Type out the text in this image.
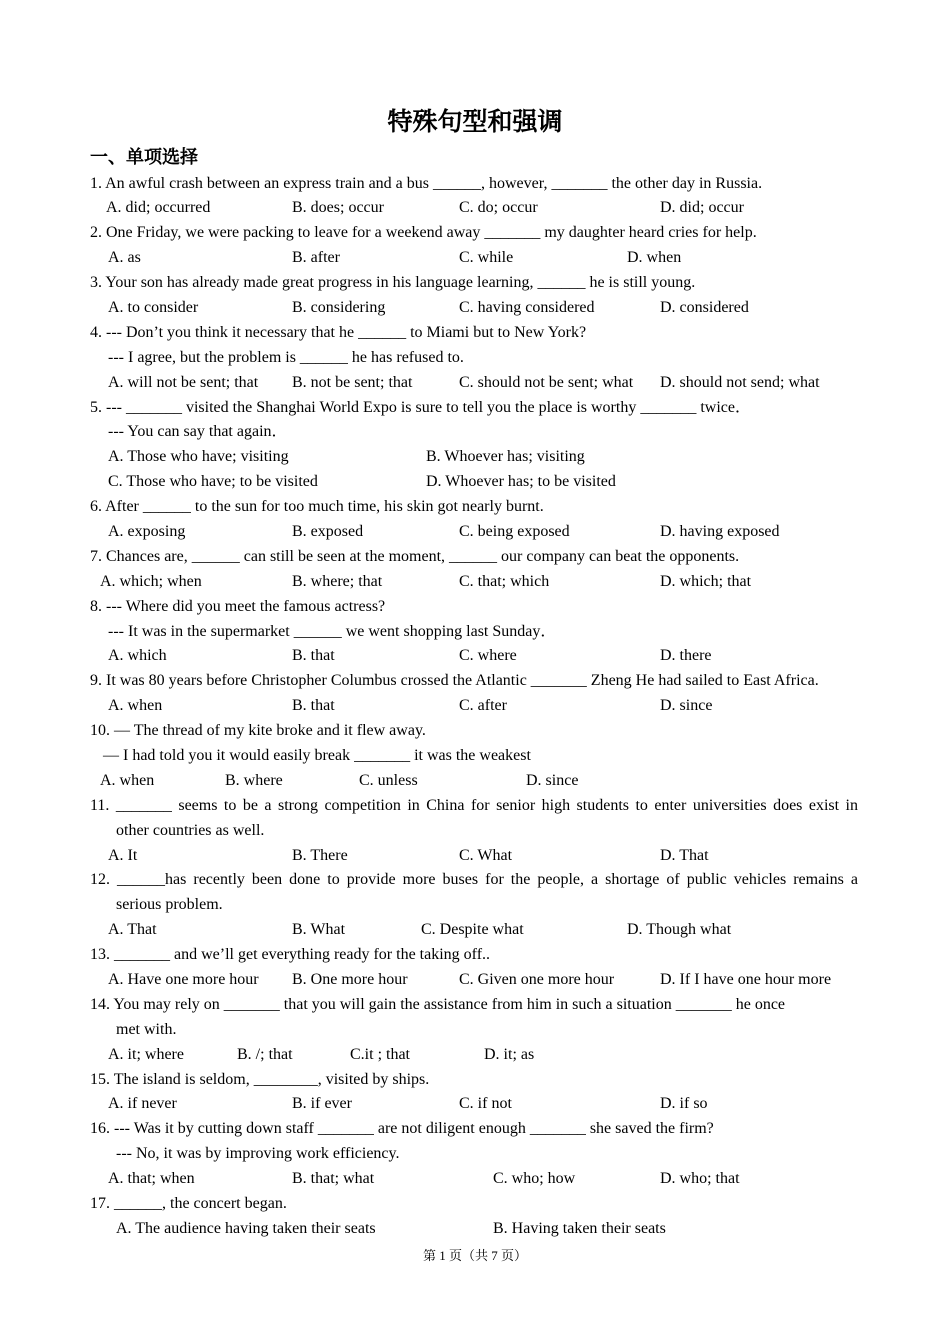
特殊句型和强调
一、单项选择
1. An awful crash between an express train and a bus ______, however, _______ the other day in Russia.
A. did; occurred	B. does; occur	C. do; occur	D. did; occur
2. One Friday, we were packing to leave for a weekend away _______ my daughter heard cries for help.
A. as	B. after	C. while	D. when
3. Your son has already made great progress in his language learning, ______ he is still young.
A. to consider	B. considering	C. having considered	D. considered
4. --- Don’t you think it necessary that he ______ to Miami but to New York?
--- I agree, but the problem is ______ he has refused to.
A. will not be sent; that B. not be sent; that	C. should not be sent; what D. should not send; what
5. --- _______ visited the Shanghai World Expo is sure to tell you the place is worthy _______ twice．
--- You can say that again．
A. Those who have; visiting	B. Whoever has; visiting
C. Those who have; to be visited	D. Whoever has; to be visited
6. After ______ to the sun for too much time, his skin got nearly burnt.
A. exposing	B. exposed	C. being exposed	D. having exposed
7. Chances are, ______ can still be seen at the moment, ______ our company can beat the opponents.
A. which; when	B. where; that	C. that; which	D. which; that
8. --- Where did you meet the famous actress?
--- It was in the supermarket ______ we went shopping last Sunday．
A. which	B. that	C. where	D. there
9. It was 80 years before Christopher Columbus crossed the Atlantic _______ Zheng He had sailed to East Africa.
A. when	B. that	C. after	D. since
10. — The thread of my kite broke and it flew away.
— I had told you it would easily break _______ it was the weakest
A. when	B. where	C. unless	D. since
11. _______ seems to be a strong competition in China for senior high students to enter universities does exist in
other countries as well.
A. It	B. There	C. What	D. That
12. ______has recently been done to provide more buses for the people, a shortage of public vehicles remains a
serious problem.
A. That	B. What	C. Despite what	D. Though what
13. _______ and we’ll get everything ready for the taking off..
A. Have one more hour B. One more hour	C. Given one more hour	D. If I have one hour more
14. You may rely on _______ that you will gain the assistance from him in such a situation _______ he once
met with.
A. it; where	B. /; that	C.it ; that	D. it; as
15. The island is seldom, ________, visited by ships.
A. if never	B. if ever	C. if not	D. if so
16. --- Was it by cutting down staff _______ are not diligent enough _______ she saved the firm?
--- No, it was by improving work efficiency.
A. that; when	B. that; what	C. who; how	D. who; that
17. ______, the concert began.
A. The audience having taken their seats	B. Having taken their seats
第 1 页（共 7 页）
